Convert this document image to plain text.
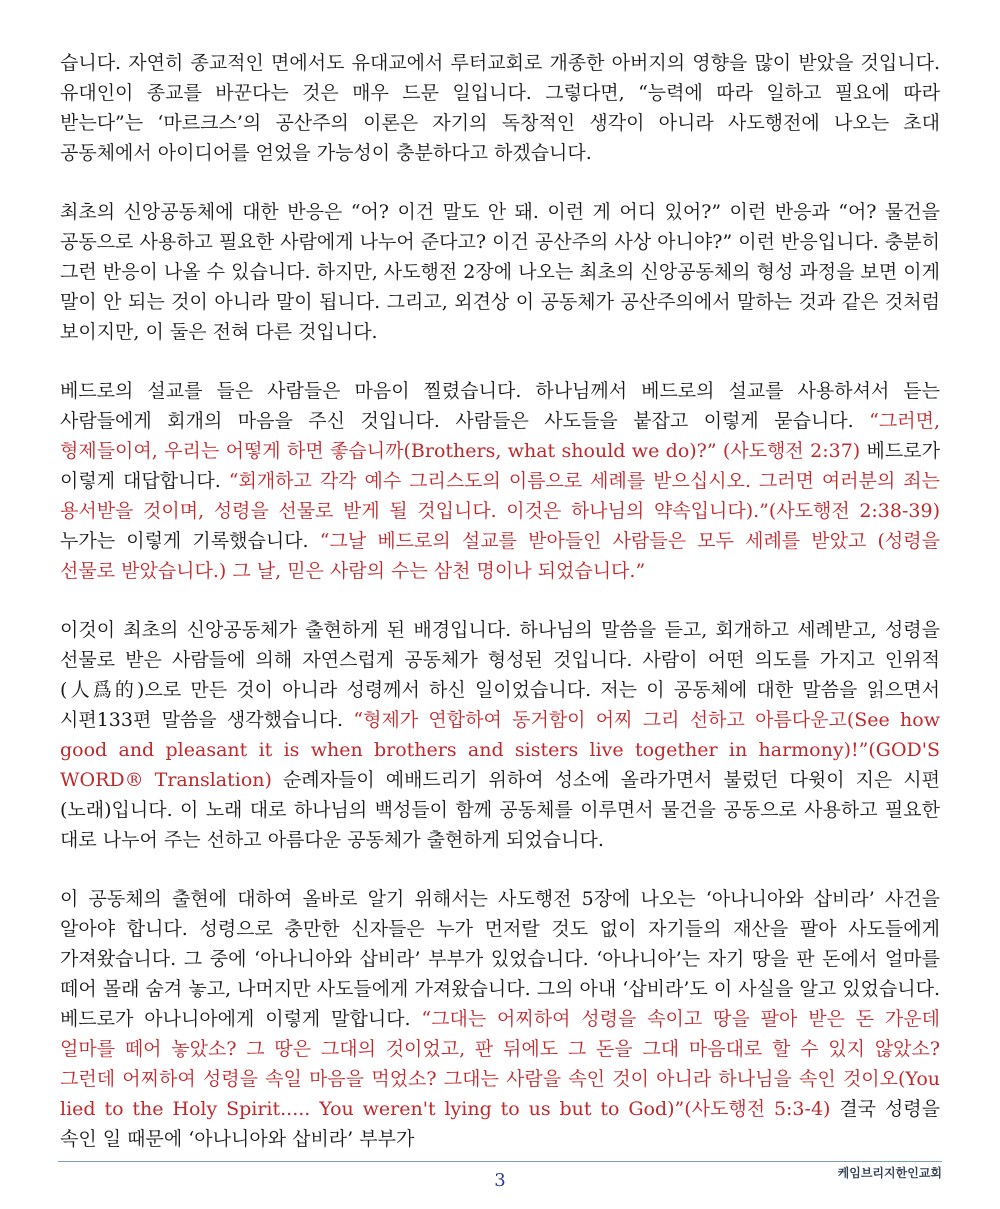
습니다. 자연히 종교적인 면에서도 유대교에서 루터교회로 개종한 아버지의 영향을 많이 받았을 것입니다. 유대인이 종교를 바꾼다는 것은 매우 드문 일입니다. 그렇다면, “능력에 따라 일하고 필요에 따라 받는다”는 ‘마르크스’의 공산주의 이론은 자기의 독창적인 생각이 아니라 사도행전에 나오는 초대 공동체에서 아이디어를 얻었을 가능성이 충분하다고 하겠습니다.

최초의 신앙공동체에 대한 반응은 “어? 이건 말도 안 돼. 이런 게 어디 있어?” 이런 반응과 “어? 물건을 공동으로 사용하고 필요한 사람에게 나누어 준다고? 이건 공산주의 사상 아니야?” 이런 반응입니다. 충분히 그런 반응이 나올 수 있습니다. 하지만, 사도행전 2장에 나오는 최초의 신앙공동체의 형성 과정을 보면 이게 말이 안 되는 것이 아니라 말이 됩니다. 그리고, 외견상 이 공동체가 공산주의에서 말하는 것과 같은 것처럼 보이지만, 이 둘은 전혀 다른 것입니다.

베드로의 설교를 들은 사람들은 마음이 찔렸습니다. 하나님께서 베드로의 설교를 사용하셔서 듣는 사람들에게 회개의 마음을 주신 것입니다. 사람들은 사도들을 붙잡고 이렇게 묻습니다. “그러면, 형제들이여, 우리는 어떻게 하면 좋습니까(Brothers, what should we do)?” (사도행전 2:37) 베드로가 이렇게 대답합니다. “회개하고 각각 예수 그리스도의 이름으로 세례를 받으십시오. 그러면 여러분의 죄는 용서받을 것이며, 성령을 선물로 받게 될 것입니다. 이것은 하나님의 약속입니다).”(사도행전 2:38-39) 누가는 이렇게 기록했습니다. “그날 베드로의 설교를 받아들인 사람들은 모두 세례를 받았고 (성령을 선물로 받았습니다.) 그 날, 믿은 사람의 수는 삼천 명이나 되었습니다.”

이것이 최초의 신앙공동체가 출현하게 된 배경입니다. 하나님의 말씀을 듣고, 회개하고 세례받고, 성령을 선물로 받은 사람들에 의해 자연스럽게 공동체가 형성된 것입니다. 사람이 어떤 의도를 가지고 인위적(人爲的)으로 만든 것이 아니라 성령께서 하신 일이었습니다. 저는 이 공동체에 대한 말씀을 읽으면서 시편133편 말씀을 생각했습니다. “형제가 연합하여 동거함이 어찌 그리 선하고 아름다운고(See how good and pleasant it is when brothers and sisters live together in harmony)!”(GOD'S WORD® Translation) 순례자들이 예배드리기 위하여 성소에 올라가면서 불렀던 다윗이 지은 시편(노래)입니다. 이 노래 대로 하나님의 백성들이 함께 공동체를 이루면서 물건을 공동으로 사용하고 필요한 대로 나누어 주는 선하고 아름다운 공동체가 출현하게 되었습니다.

이 공동체의 출현에 대하여 올바로 알기 위해서는 사도행전 5장에 나오는 ‘아나니아와 삽비라’ 사건을 알아야 합니다. 성령으로 충만한 신자들은 누가 먼저랄 것도 없이 자기들의 재산을 팔아 사도들에게 가져왔습니다. 그 중에 ‘아나니아와 삽비라’ 부부가 있었습니다. ‘아나니아’는 자기 땅을 판 돈에서 얼마를 떼어 몰래 숨겨 놓고, 나머지만 사도들에게 가져왔습니다. 그의 아내 ‘삽비라’도 이 사실을 알고 있었습니다. 베드로가 아나니아에게 이렇게 말합니다. “그대는 어찌하여 성령을 속이고 땅을 팔아 받은 돈 가운데 얼마를 떼어 놓았소? 그 땅은 그대의 것이었고, 판 뒤에도 그 돈을 그대 마음대로 할 수 있지 않았소? 그런데 어찌하여 성령을 속일 마음을 먹었소? 그대는 사람을 속인 것이 아니라 하나님을 속인 것이오(You lied to the Holy Spirit..... You weren't lying to us but to God)”(사도행전 5:3-4) 결국 성령을 속인 일 때문에 ‘아나니아와 삽비라’ 부부가

케임브리지한인교회
3
